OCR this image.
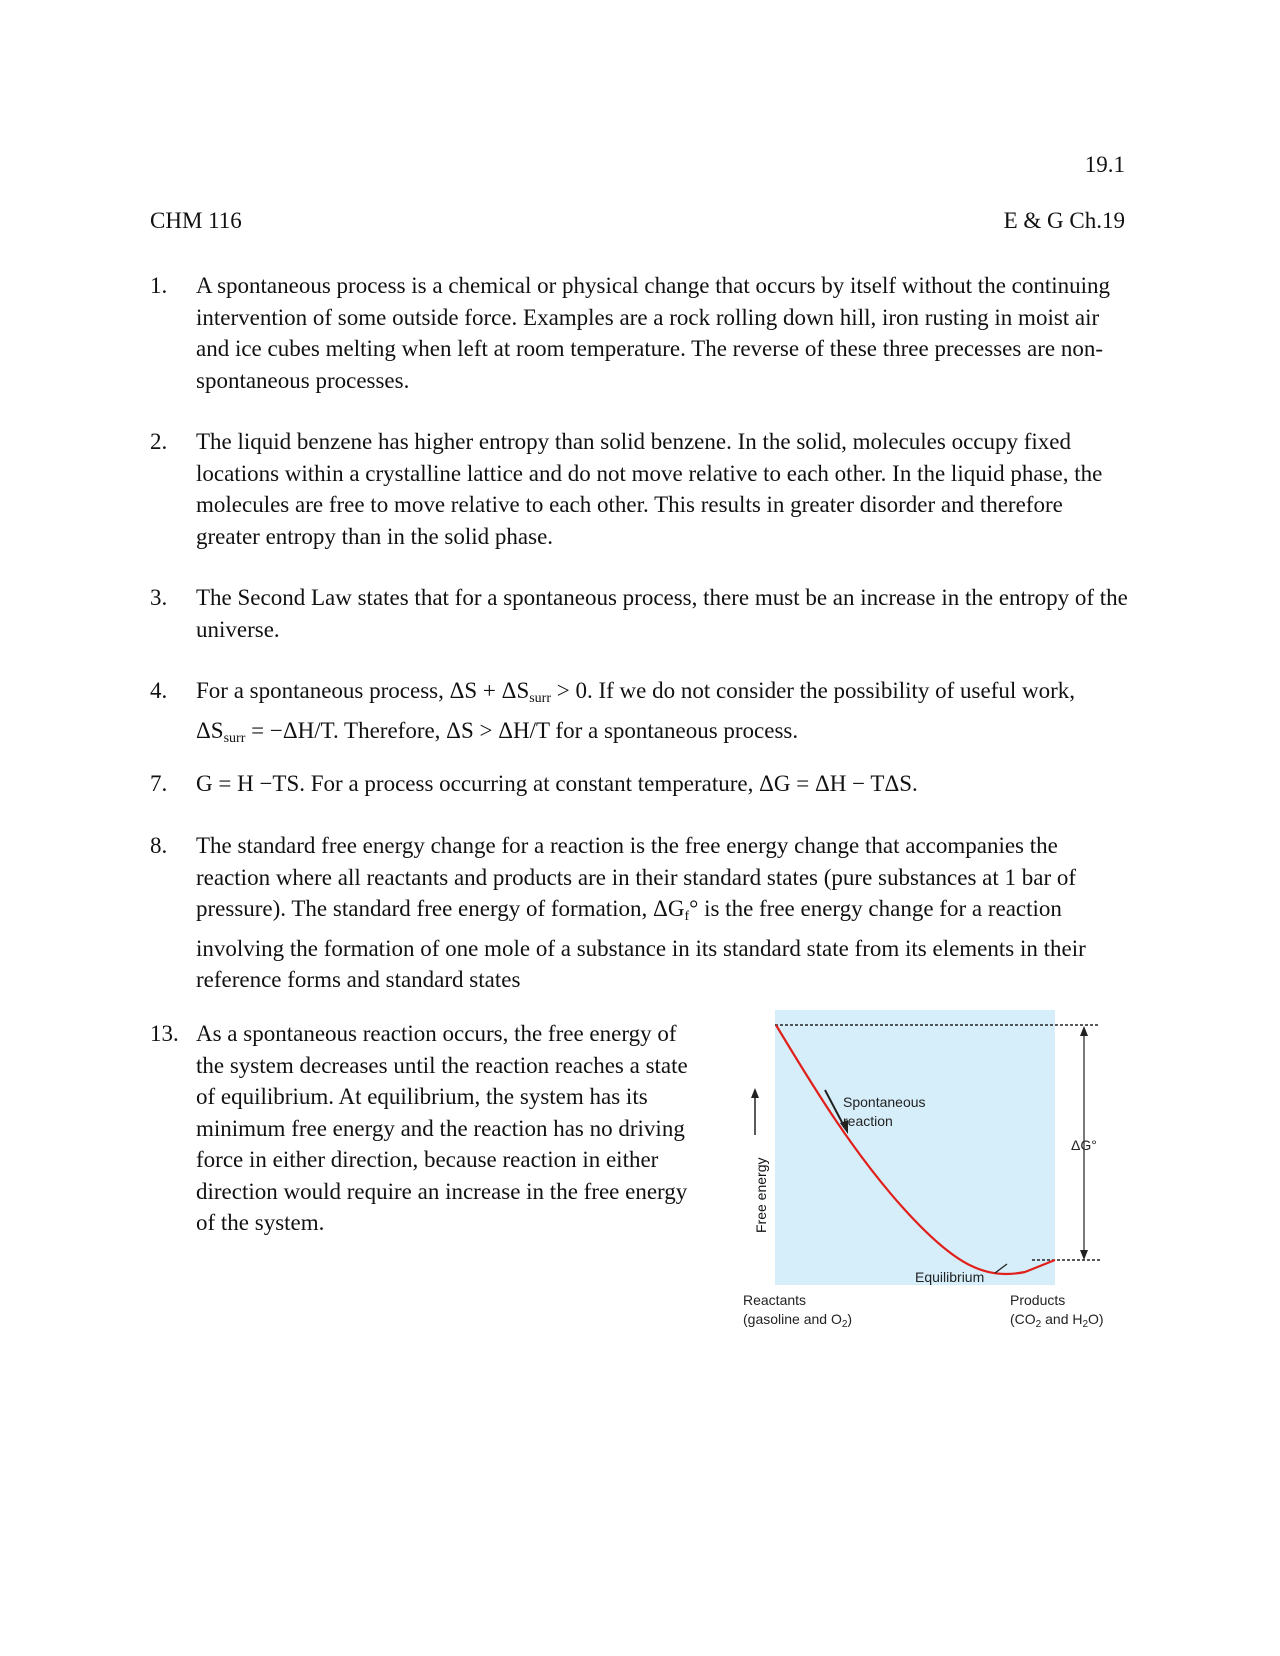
19.1
CHM 116	E & G Ch.19
1. A spontaneous process is a chemical or physical change that occurs by itself without the continuing intervention of some outside force. Examples are a rock rolling down hill, iron rusting in moist air and ice cubes melting when left at room temperature. The reverse of these three precesses are non-spontaneous processes.
2. The liquid benzene has higher entropy than solid benzene. In the solid, molecules occupy fixed locations within a crystalline lattice and do not move relative to each other. In the liquid phase, the molecules are free to move relative to each other. This results in greater disorder and therefore greater entropy than in the solid phase.
3. The Second Law states that for a spontaneous process, there must be an increase in the entropy of the universe.
4. For a spontaneous process, $\Delta S + \Delta S_{surr} > 0$. If we do not consider the possibility of useful work,
$\Delta S_{surr} = -\Delta H/T$. Therefore, ΔS > ΔH/T for a spontaneous process.
7. G = H −TS. For a process occurring at constant temperature, ΔG = ΔH − TΔS.
8. The standard free energy change for a reaction is the free energy change that accompanies the reaction where all reactants and products are in their standard states (pure substances at 1 bar of pressure). The standard free energy of formation, $\Delta G_f^\circ$ is the free energy change for a reaction involving the formation of one mole of a substance in its standard state from its elements in their reference forms and standard states
13. As a spontaneous reaction occurs, the free energy of the system decreases until the reaction reaches a state of equilibrium. At equilibrium, the system has its minimum free energy and the reaction has no driving force in either direction, because reaction in either direction would require an increase in the free energy of the system.
Spontaneous
reaction
Equilibrium
Reactants
(gasoline and $O_2$)
Products
($CO_2$ and $H_2O$)
ΔG°
Free energy
